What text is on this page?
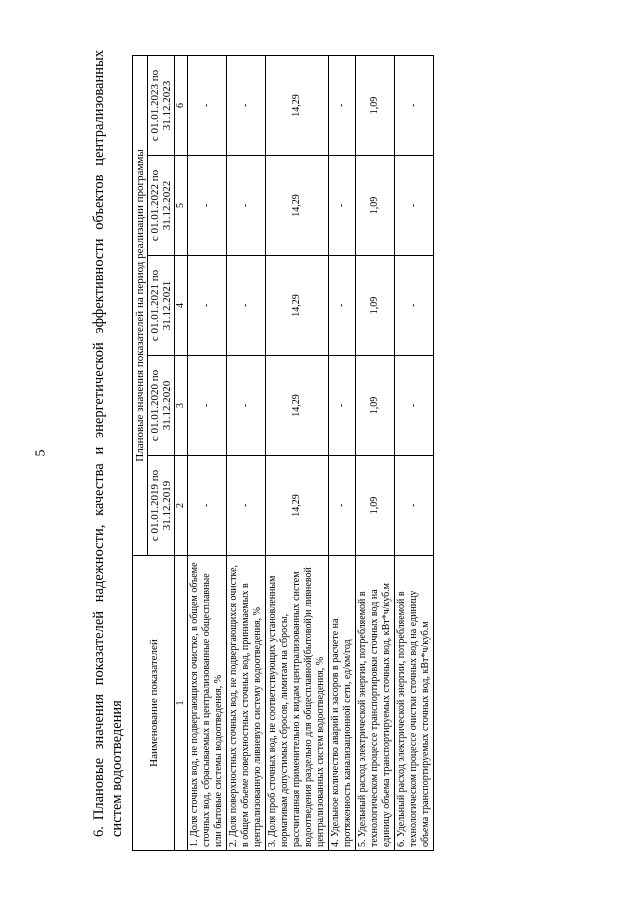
5

6.Плановые значения показателей надежности, качества и энергетической эффективности объектов централизованных систем водоотведения Наименование показателей	Плановые значения показателей на период реализации программы				
	с 01.01.2019 по 31.12.2019	с 01.01.2020 по 31.12.2020	с 01.01.2021 по 31.12.2021	с 01.01.2022 по 31.12.2022	с 01.01.2023 по 31.12.2023
1	2	3	4	5	6
1. Доля сточных вод, не подвергающихся очистке, в общем объеме сточных вод, сбрасываемых в централизованные общесплавные или бытовые системы водоотведения, %	-	-	-	-	-
2. Доля поверхностных сточных вод, не подвергающихся очистке, в общем объеме поверхностных сточных вод, принимаемых в централизованную ливневую систему водоотведения, %	-	-	-	-	-
3. Доля проб сточных вод, не соответствующих установленным нормативам допустимых сбросов, лимитам на сбросы, рассчитанная применительно к видам централизованных систем водоотведения раздельно для общесплавной(бытовой)и ливневой централизованных систем водоотведения, %	14,29	14,29	14,29	14,29	14,29
4. Удельное количество аварий и засоров в расчете на протяженность канализационной сети, ед/км/год	-	-	-	-	-
5. Удельный расход электрической энергии, потребляемой в технологическом процессе транспортировки сточных вод на единицу объема транспортируемых сточных вод, кВт*ч/куб.м	1,09	1,09	1,09	1,09	1,09
6. Удельный расход электрической энергии, потребляемой в технологическом процессе очистки сточных вод на единицу объема транспортируемых сточных вод, кВт*ч/куб.м	-	-	-	-	-
